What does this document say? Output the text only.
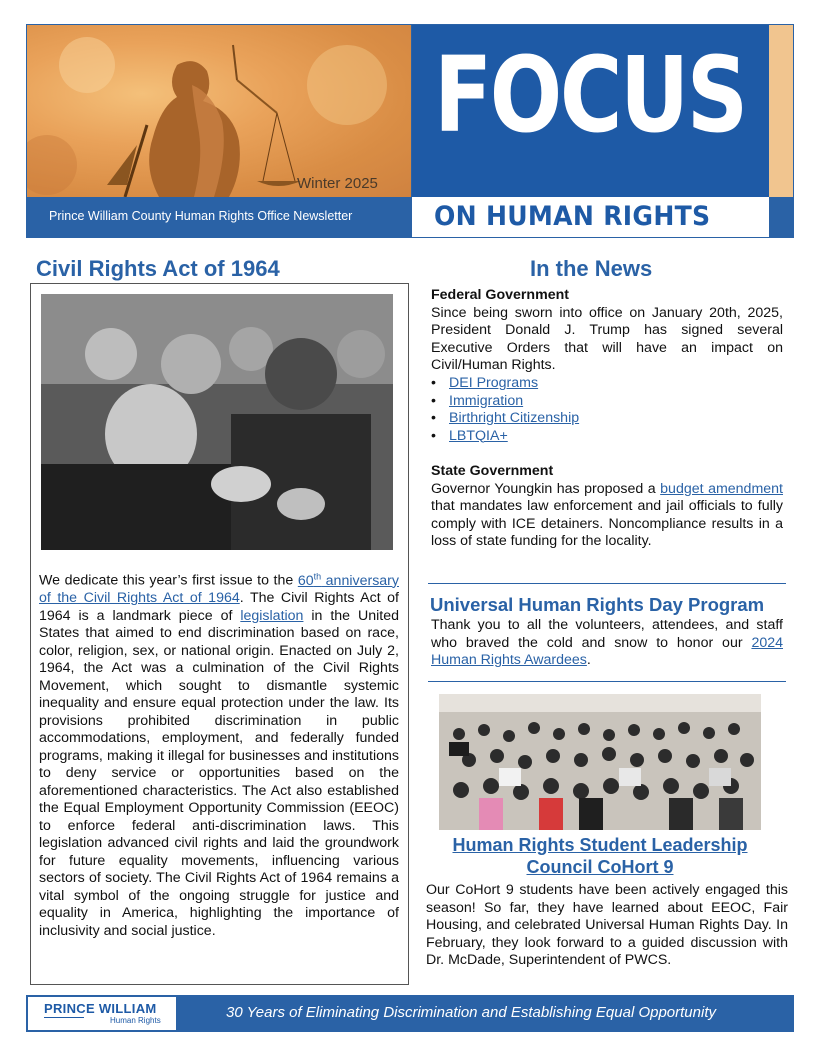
Winter 2025
Prince William County Human Rights Office Newsletter
FOCUS
ON HUMAN RIGHTS
Civil Rights Act of 1964
We dedicate this year’s first issue to the 60th anniversary of the Civil Rights Act of 1964. The Civil Rights Act of 1964 is a landmark piece of legislation in the United States that aimed to end discrimination based on race, color, religion, sex, or national origin. Enacted on July 2, 1964, the Act was a culmination of the Civil Rights Movement, which sought to dismantle systemic inequality and ensure equal protection under the law. Its provisions prohibited discrimination in public accommodations, employment, and federally funded programs, making it illegal for businesses and institutions to deny service or opportunities based on the aforementioned characteristics. The Act also established the Equal Employment Opportunity Commission (EEOC) to enforce federal anti-discrimination laws. This legislation advanced civil rights and laid the groundwork for future equality movements, influencing various sectors of society. The Civil Rights Act of 1964 remains a vital symbol of the ongoing struggle for justice and equality in America, highlighting the importance of inclusivity and social justice.
In the News
Federal Government
Since being sworn into office on January 20th, 2025, President Donald J. Trump has signed several Executive Orders that will have an impact on Civil/Human Rights.
• DEI Programs
• Immigration
• Birthright Citizenship
• LBTQIA+
State Government
Governor Youngkin has proposed a budget amendment that mandates law enforcement and jail officials to fully comply with ICE detainers. Noncompliance results in a loss of state funding for the locality.
Universal Human Rights Day Program
Thank you to all the volunteers, attendees, and staff who braved the cold and snow to honor our 2024 Human Rights Awardees.
Human Rights Student Leadership Council CoHort 9
Our CoHort 9 students have been actively engaged this season! So far, they have learned about EEOC, Fair Housing, and celebrated Universal Human Rights Day. In February, they look forward to a guided discussion with Dr. McDade, Superintendent of PWCS.
PRINCE WILLIAM
Human Rights	30 Years of Eliminating Discrimination and Establishing Equal Opportunity
